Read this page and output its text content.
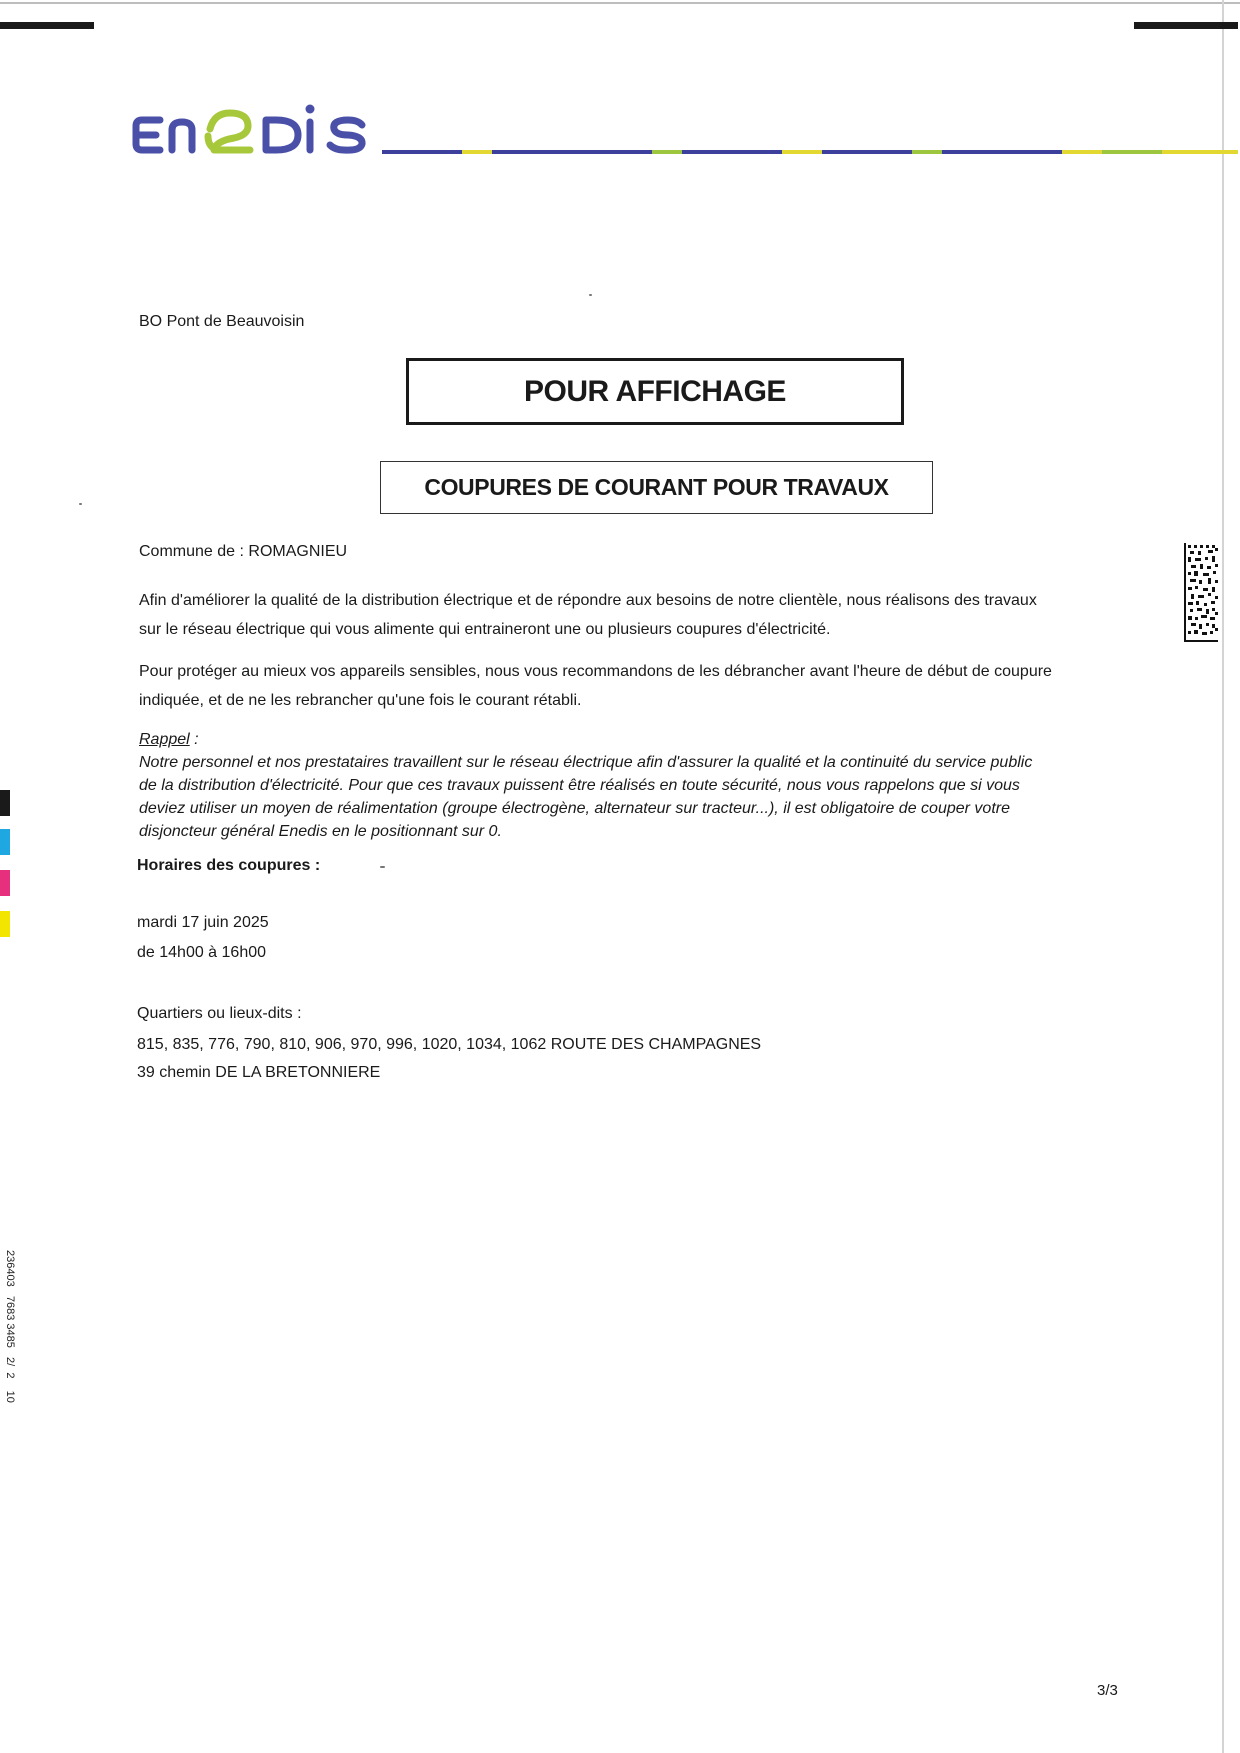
BO Pont de Beauvoisin
POUR AFFICHAGE
COUPURES DE COURANT POUR TRAVAUX
Commune de : ROMAGNIEU
Afin d'améliorer la qualité de la distribution électrique et de répondre aux besoins de notre clientèle, nous réalisons des travaux
sur le réseau électrique qui vous alimente qui entraineront une ou plusieurs coupures d'électricité.
Pour protéger au mieux vos appareils sensibles, nous vous recommandons de les débrancher avant l'heure de début de coupure
indiquée, et de ne les rebrancher qu'une fois le courant rétabli.
Rappel :
Notre personnel et nos prestataires travaillent sur le réseau électrique afin d'assurer la qualité et la continuité du service public
de la distribution d'électricité. Pour que ces travaux puissent être réalisés en toute sécurité, nous vous rappelons que si vous
deviez utiliser un moyen de réalimentation (groupe électrogène, alternateur sur tracteur...), il est obligatoire de couper votre
disjoncteur général Enedis en le positionnant sur 0.
Horaires des coupures :
mardi 17 juin 2025
de 14h00 à 16h00
Quartiers ou lieux-dits :
815, 835, 776, 790, 810, 906, 970, 996, 1020, 1034, 1062 ROUTE DES CHAMPAGNES
39 chemin DE LA BRETONNIERE
3/3
236403   7683 3485   2/  2    10
